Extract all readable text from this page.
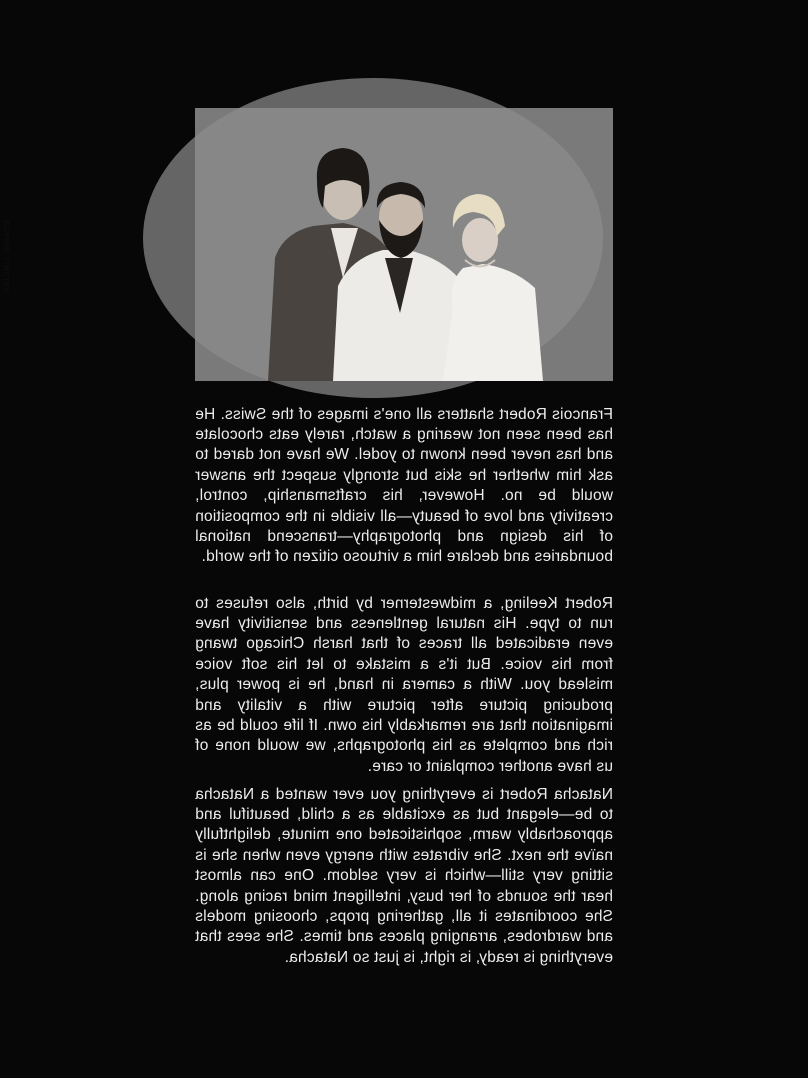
EDWARD J. MILLER

Francois Robert shatters all one's images of the Swiss. He has been seen not wearing a watch, rarely eats chocolate and has never been known to yodel. We have not dared to ask him whether he skis but strongly suspect the answer would be no. However, his craftsmanship, control, creativity and love of beauty—all visible in the composition of his design and photography—transcend national boundaries and declare him a virtuoso citizen of the world.

Robert Keeling, a midwesterner by birth, also refuses to run to type. His natural gentleness and sensitivity have even eradicated all traces of that harsh Chicago twang from his voice. But it's a mistake to let his soft voice mislead you. With a camera in hand, he is power plus, producing picture after picture with a vitality and imagination that are remarkably his own. If life could be as rich and complete as his photographs, we would none of us have another complaint or care.

Natacha Robert is everything you ever wanted a Natacha to be—elegant but as excitable as a child, beautiful and approachably warm, sophisticated one minute, delightfully naïve the next. She vibrates with energy even when she is sitting very still—which is very seldom. One can almost hear the sounds of her busy, intelligent mind racing along. She coordinates it all, gathering props, choosing models and wardrobes, arranging places and times. She sees that everything is ready, is right, is just so Natacha.
